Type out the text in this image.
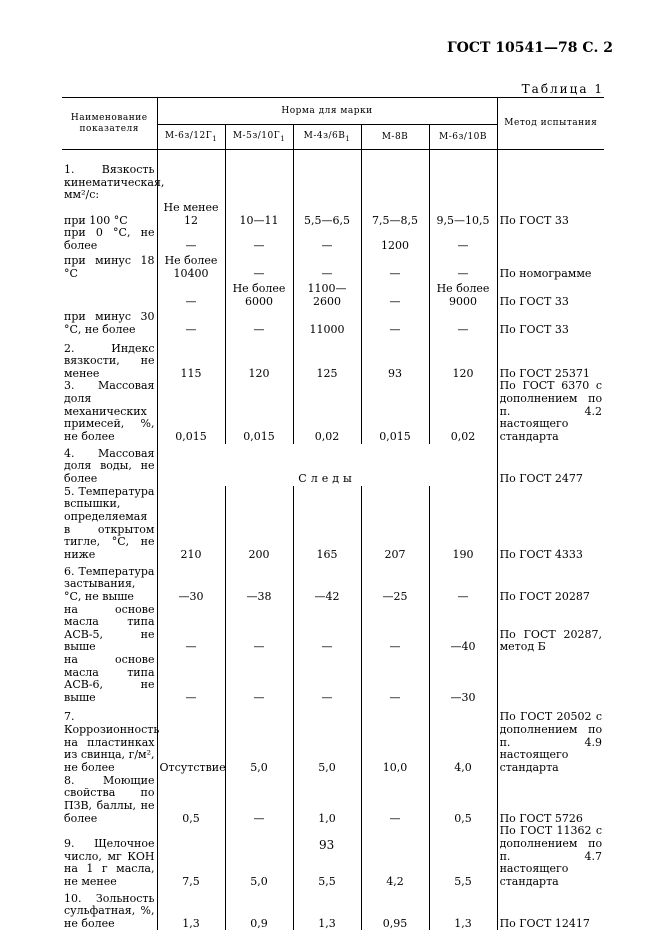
ГОСТ 10541—78 С. 2
Таблица 1
Наименование показателя	Норма для марки					Метод испытания
	$М-6з/12Г_1$	$М-5з/10Г_1$	$М-4з/6В_1$	М-8В	М-6з/10В	

1. Вязкость кинематическая, мм²/с:						
при 100 °С	Не менее 12	10—11	5,5—6,5	7,5—8,5	9,5—10,5	По ГОСТ 33
при 0 °С, не более	—	—	—	1200	—	
при минус 18 °С	Не более 10400	—	—	—	—	По номограмме
	—	Не более 6000	1100—2600	—	Не более 9000	По ГОСТ 33
при минус 30 °С, не более	—	—	11000	—	—	По ГОСТ 33
2. Индекс вязкости, не менее	115	120	125	93	120	По ГОСТ 25371
3. Массовая доля механических примесей, %, не более	0,015	0,015	0,02	0,015	0,02	По ГОСТ 6370 с дополнением по п. 4.2 настоящего стандарта
4. Массовая доля воды, не более	Следы					По ГОСТ 2477
5. Температура вспышки, определяемая в открытом тигле, °С, не ниже	210	200	165	207	190	По ГОСТ 4333
6. Температура застывания, °С, не выше	—30	—38	—42	—25	—	По ГОСТ 20287
на основе масла типа АСВ-5, не выше	—	—	—	—	—40	По ГОСТ 20287, метод Б
на основе масла типа АСВ-6, не выше	—	—	—	—	—30	
7. Коррозионность на пластинках из свинца, г/м², не более	Отсутствие	5,0	5,0	10,0	4,0	По ГОСТ 20502 с дополнением по п. 4.9 настоящего стандарта
8. Моющие свойства по ПЗВ, баллы, не более	0,5	—	1,0	—	0,5	По ГОСТ 5726
9. Щелочное число, мг КОН на 1 г масла, не менее	7,5	5,0	5,5	4,2	5,5	По ГОСТ 11362 с дополнением по п. 4.7 настоящего стандарта
10. Зольность сульфатная, %, не более	1,3	0,9	1,3	0,95	1,3	По ГОСТ 12417
93
